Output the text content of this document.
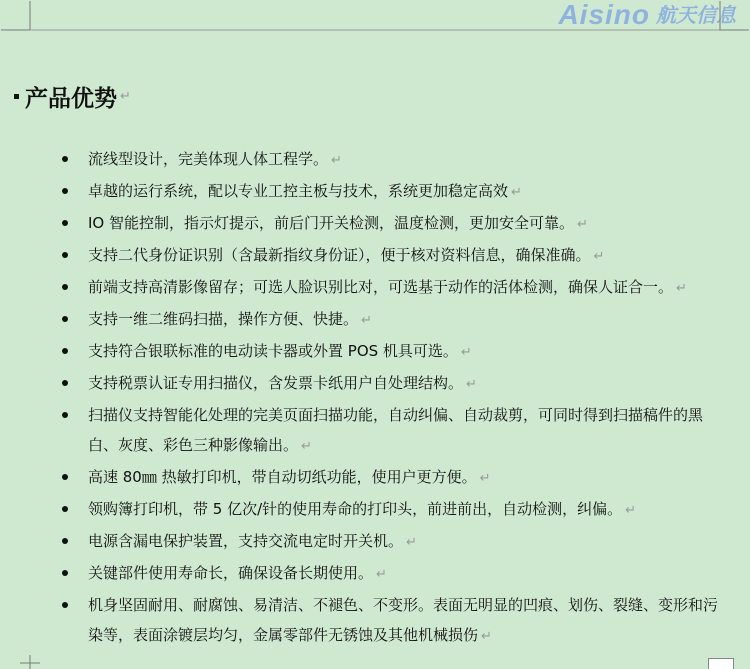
Aisino 航天信息
产品优势 ↵
流线型设计，完美体现人体工程学。 ↵
卓越的运行系统，配以专业工控主板与技术，系统更加稳定高效 ↵
IO 智能控制，指示灯提示，前后门开关检测，温度检测，更加安全可靠。 ↵
支持二代身份证识别（含最新指纹身份证），便于核对资料信息，确保准确。 ↵
前端支持高清影像留存；可选人脸识别比对，可选基于动作的活体检测，确保人证合一。 ↵
支持一维二维码扫描，操作方便、快捷。 ↵
支持符合银联标准的电动读卡器或外置 POS 机具可选。 ↵
支持税票认证专用扫描仪，含发票卡纸用户自处理结构。 ↵
扫描仪支持智能化处理的完美页面扫描功能，自动纠偏、自动裁剪，可同时得到扫描稿件的黑白、灰度、彩色三种影像输出。 ↵
高速 80㎜ 热敏打印机，带自动切纸功能，使用户更方便。 ↵
领购簿打印机，带 5 亿次/针的使用寿命的打印头，前进前出，自动检测，纠偏。 ↵
电源含漏电保护装置，支持交流电定时开关机。 ↵
关键部件使用寿命长，确保设备长期使用。 ↵
机身坚固耐用、耐腐蚀、易清洁、不褪色、不变形。表面无明显的凹痕、划伤、裂缝、变形和污染等，表面涂镀层均匀，金属零部件无锈蚀及其他机械损伤 ↵
